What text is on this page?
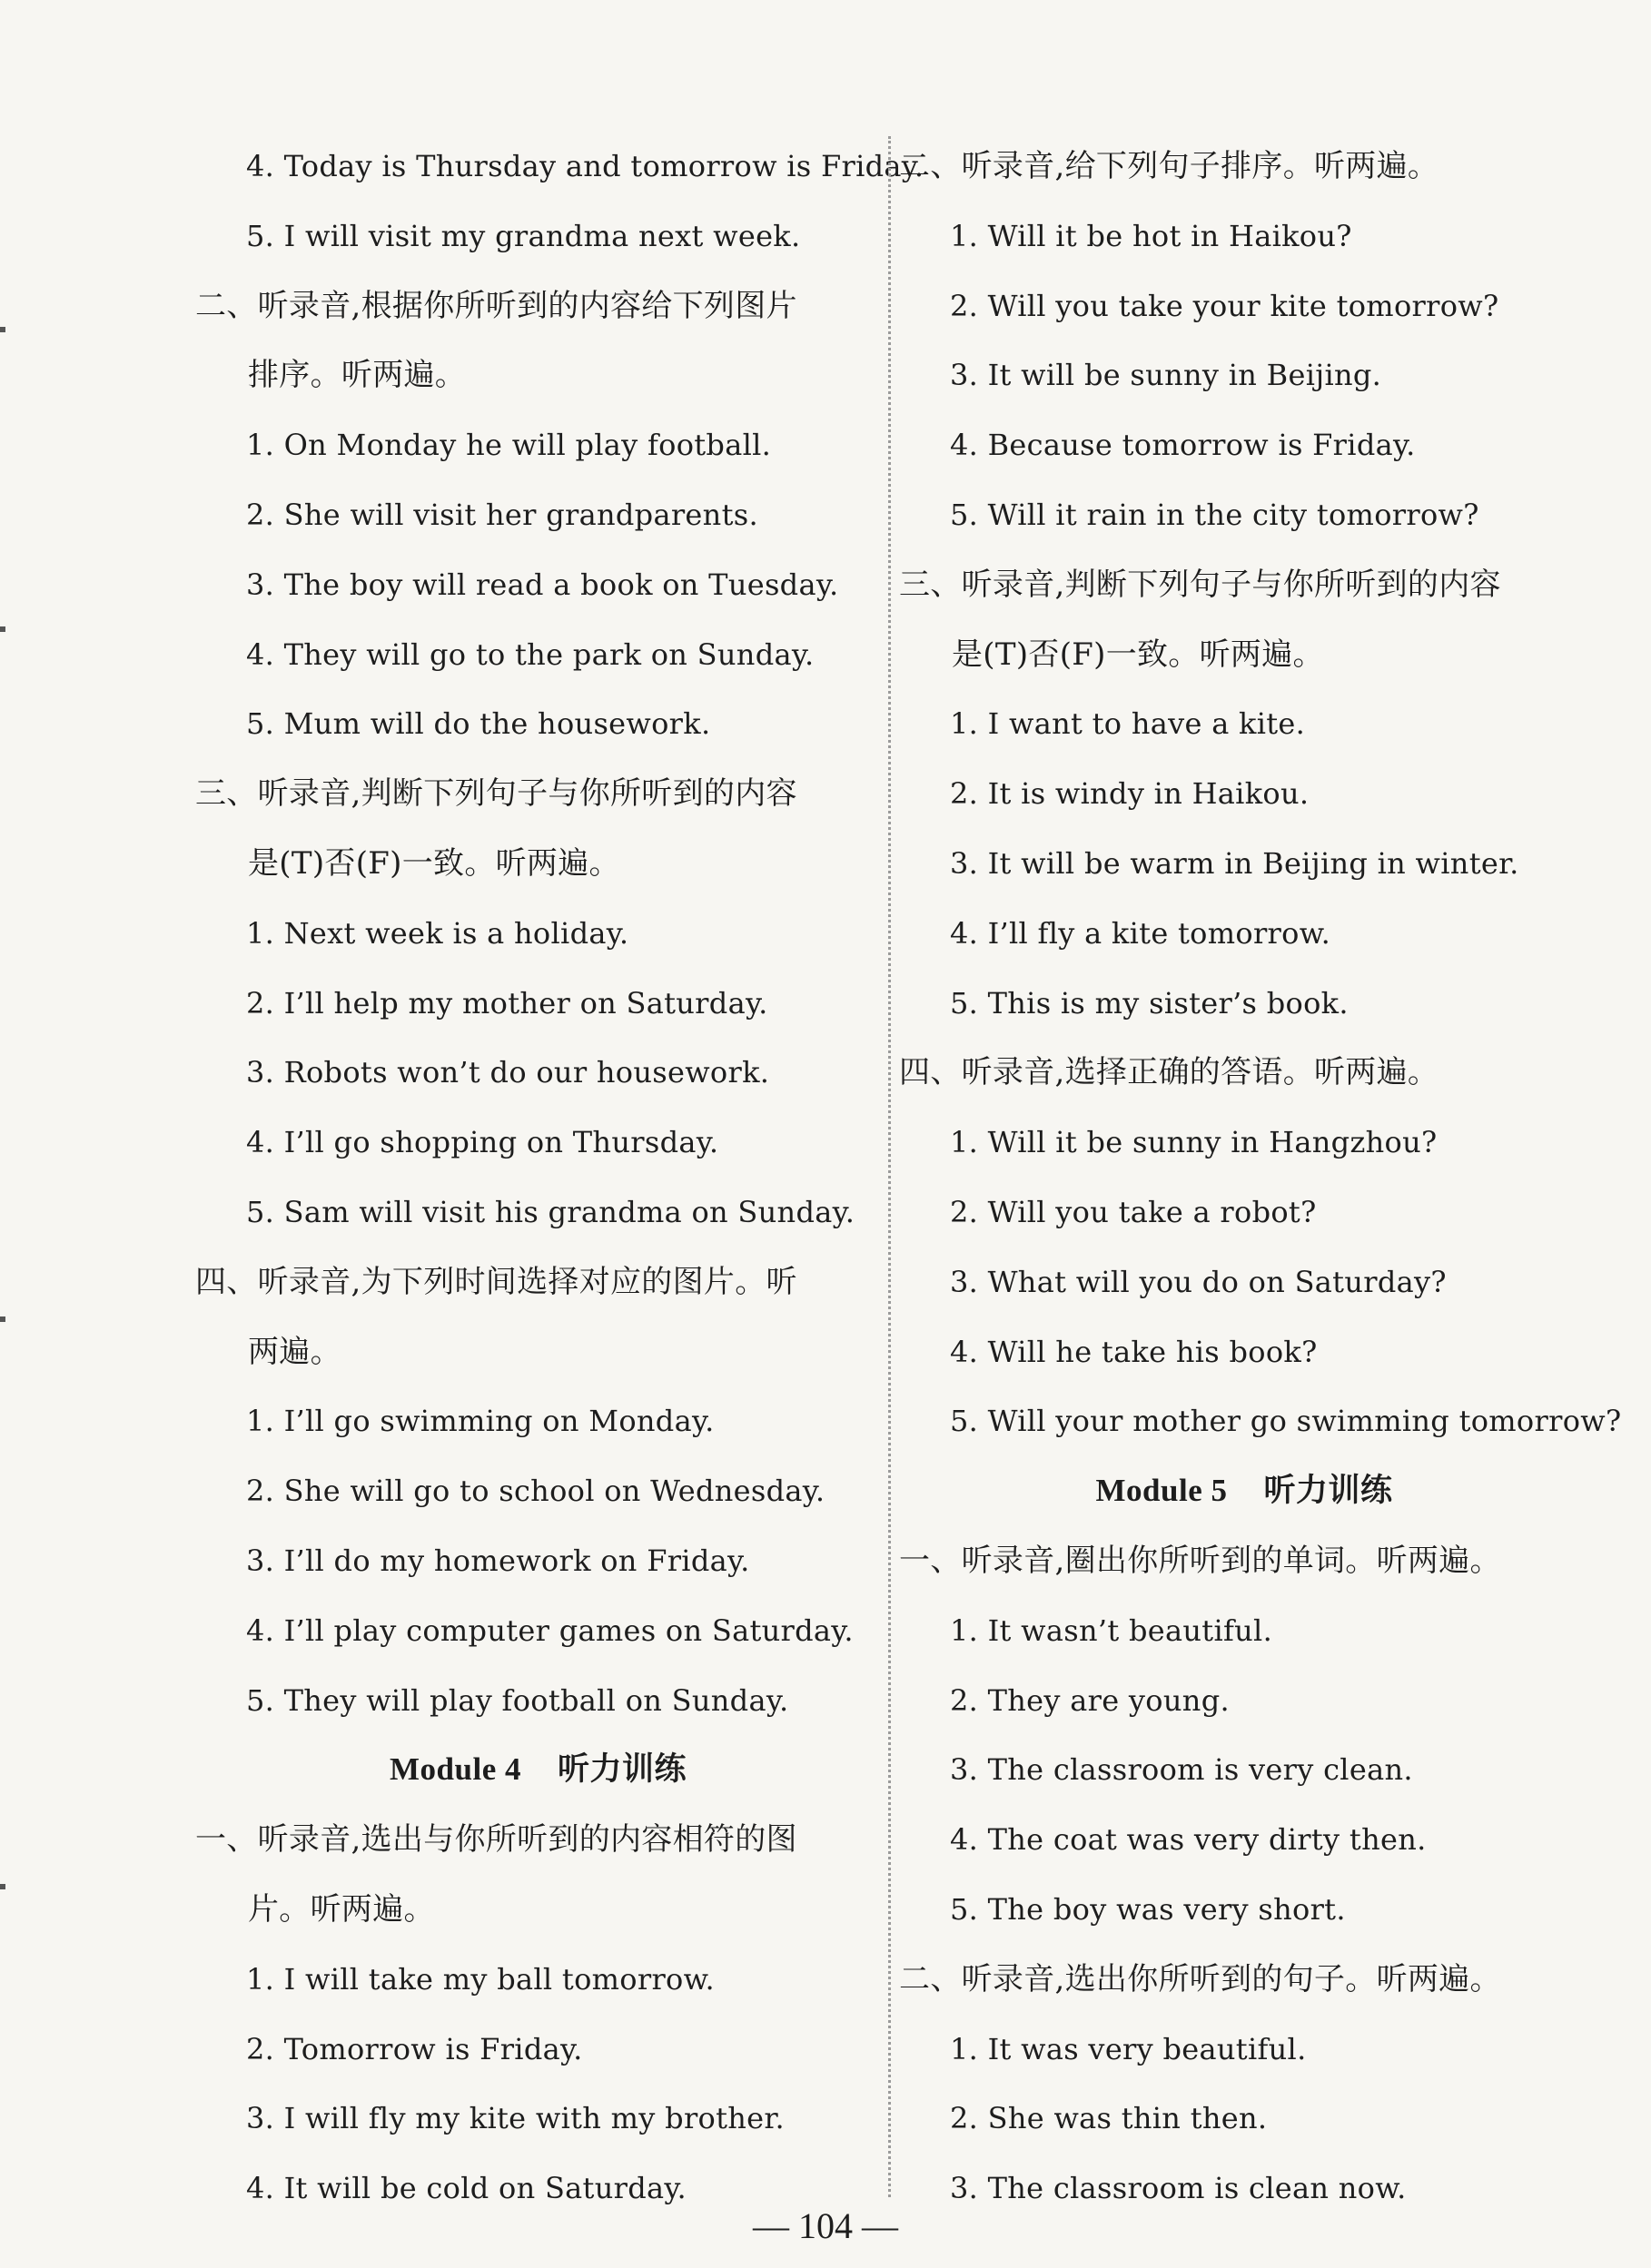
4. Today is Thursday and tomorrow is Friday.
5. I will visit my grandma next week.
二、听录音,根据你所听到的内容给下列图片
排序。听两遍。
1. On Monday he will play football.
2. She will visit her grandparents.
3. The boy will read a book on Tuesday.
4. They will go to the park on Sunday.
5. Mum will do the housework.
三、听录音,判断下列句子与你所听到的内容
是(T)否(F)一致。听两遍。
1. Next week is a holiday.
2. I’ll help my mother on Saturday.
3. Robots won’t do our housework.
4. I’ll go shopping on Thursday.
5. Sam will visit his grandma on Sunday.
四、听录音,为下列时间选择对应的图片。听
两遍。
1. I’ll go swimming on Monday.
2. She will go to school on Wednesday.
3. I’ll do my homework on Friday.
4. I’ll play computer games on Saturday.
5. They will play football on Sunday.
Module 4 听力训练
一、听录音,选出与你所听到的内容相符的图
片。听两遍。
1. I will take my ball tomorrow.
2. Tomorrow is Friday.
3. I will fly my kite with my brother.
4. It will be cold on Saturday.
二、听录音,给下列句子排序。听两遍。
1. Will it be hot in Haikou?
2. Will you take your kite tomorrow?
3. It will be sunny in Beijing.
4. Because tomorrow is Friday.
5. Will it rain in the city tomorrow?
三、听录音,判断下列句子与你所听到的内容
是(T)否(F)一致。听两遍。
1. I want to have a kite.
2. It is windy in Haikou.
3. It will be warm in Beijing in winter.
4. I’ll fly a kite tomorrow.
5. This is my sister’s book.
四、听录音,选择正确的答语。听两遍。
1. Will it be sunny in Hangzhou?
2. Will you take a robot?
3. What will you do on Saturday?
4. Will he take his book?
5. Will your mother go swimming tomorrow?
Module 5 听力训练
一、听录音,圈出你所听到的单词。听两遍。
1. It wasn’t beautiful.
2. They are young.
3. The classroom is very clean.
4. The coat was very dirty then.
5. The boy was very short.
二、听录音,选出你所听到的句子。听两遍。
1. It was very beautiful.
2. She was thin then.
3. The classroom is clean now.
— 104 —
